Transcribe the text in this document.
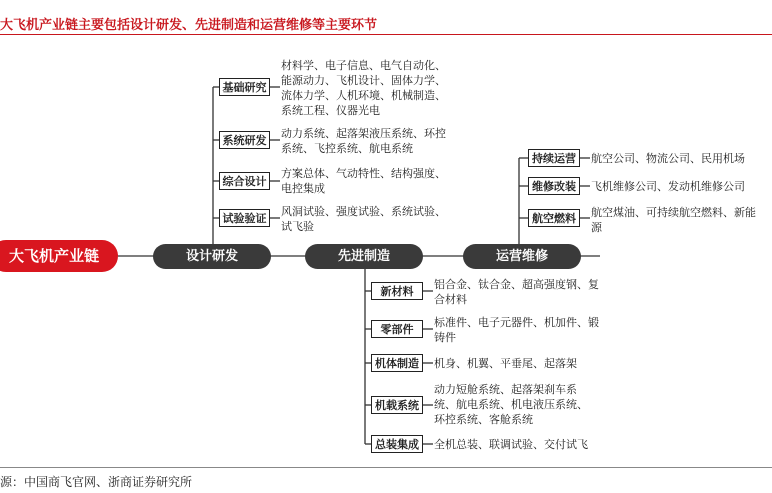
大飞机产业链主要包括设计研发、先进制造和运营维修等主要环节
大飞机产业链	设计研发	先进制造	运营维修
基础研究
材料学、电子信息、电气自动化、能源动力、飞机设计、固体力学、流体力学、人机环境、机械制造、系统工程、仪器光电
系统研发
动力系统、起落架液压系统、环控系统、飞控系统、航电系统
综合设计
方案总体、气动特性、结构强度、电控集成
试验验证
风洞试验、强度试验、系统试验、试飞验
持续运营	航空公司、物流公司、民用机场
维修改装	飞机维修公司、发动机维修公司
航空燃料	航空煤油、可持续航空燃料、新能源
新材料
铝合金、钛合金、超高强度钢、复合材料
零部件
标准件、电子元器件、机加件、锻铸件
机体制造	机身、机翼、平垂尾、起落架
机载系统
动力短舱系统、起落架刹车系统、航电系统、机电液压系统、环控系统、客舱系统
总装集成	全机总装、联调试验、交付试飞
源：中国商飞官网、浙商证券研究所
